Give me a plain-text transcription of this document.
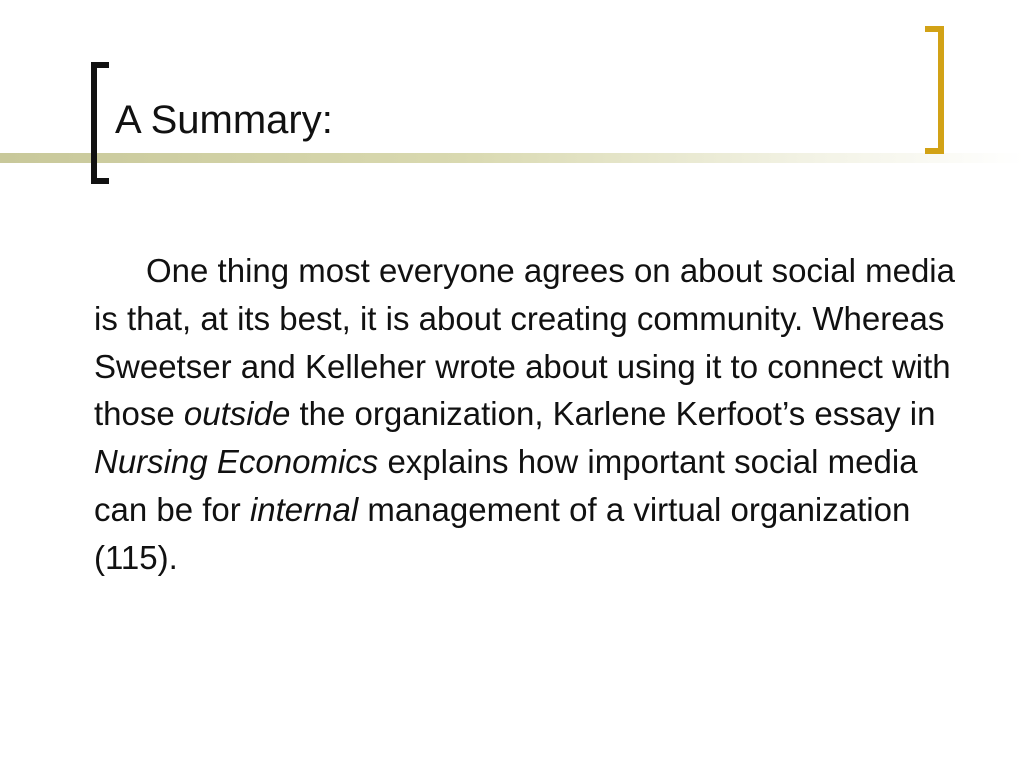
A Summary:

One thing most everyone agrees on about social media is that, at its best, it is about creating community. Whereas Sweetser and Kelleher wrote about using it to connect with those outside the organization, Karlene Kerfoot’s essay in Nursing Economics explains how important social media can be for internal management of a virtual organization (115).
